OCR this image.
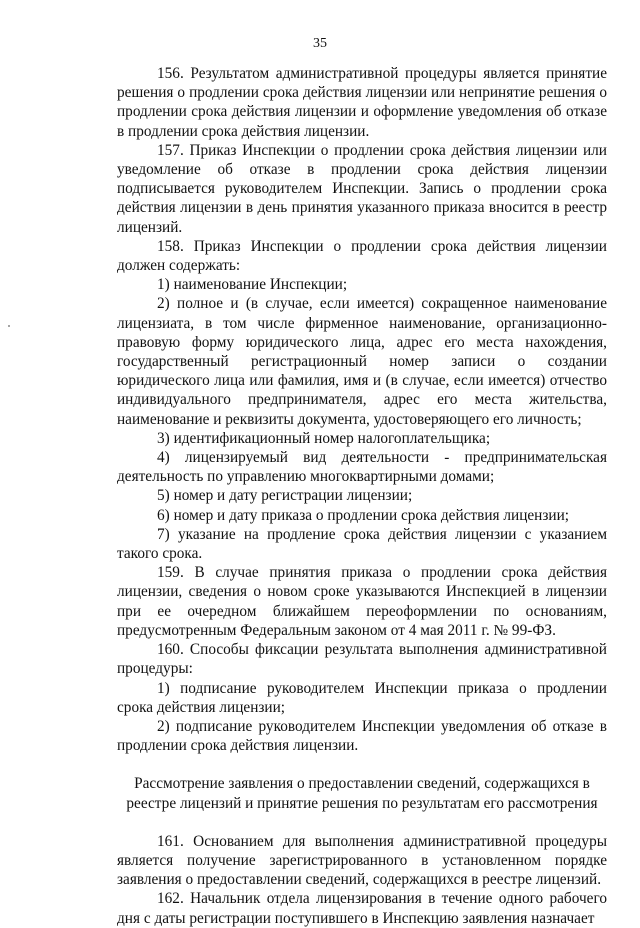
35

156. Результатом административной процедуры является принятие решения о продлении срока действия лицензии или непринятие решения о продлении срока действия лицензии и оформление уведомления об отказе в продлении срока действия лицензии.

157. Приказ Инспекции о продлении срока действия лицензии или уведомление об отказе в продлении срока действия лицензии подписывается руководителем Инспекции. Запись о продлении срока действия лицензии в день принятия указанного приказа вносится в реестр лицензий.

158. Приказ Инспекции о продлении срока действия лицензии должен содержать:

1) наименование Инспекции;

2) полное и (в случае, если имеется) сокращенное наименование лицензиата, в том числе фирменное наименование, организационно-правовую форму юридического лица, адрес его места нахождения, государственный регистрационный номер записи о создании юридического лица или фамилия, имя и (в случае, если имеется) отчество индивидуального предпринимателя, адрес его места жительства, наименование и реквизиты документа, удостоверяющего его личность;

3) идентификационный номер налогоплательщика;

4) лицензируемый вид деятельности - предпринимательская деятельность по управлению многоквартирными домами;

5) номер и дату регистрации лицензии;

6) номер и дату приказа о продлении срока действия лицензии;

7) указание на продление срока действия лицензии с указанием такого срока.

159. В случае принятия приказа о продлении срока действия лицензии, сведения о новом сроке указываются Инспекцией в лицензии при ее очередном ближайшем переоформлении по основаниям, предусмотренным Федеральным законом от 4 мая 2011 г. № 99-ФЗ.

160. Способы фиксации результата выполнения административной процедуры:

1) подписание руководителем Инспекции приказа о продлении срока действия лицензии;

2) подписание руководителем Инспекции уведомления об отказе в продлении срока действия лицензии.

Рассмотрение заявления о предоставлении сведений, содержащихся в реестре лицензий и принятие решения по результатам его рассмотрения

161. Основанием для выполнения административной процедуры является получение зарегистрированного в установленном порядке заявления о предоставлении сведений, содержащихся в реестре лицензий.

162. Начальник отдела лицензирования в течение одного рабочего дня с даты регистрации поступившего в Инспекцию заявления назначает
